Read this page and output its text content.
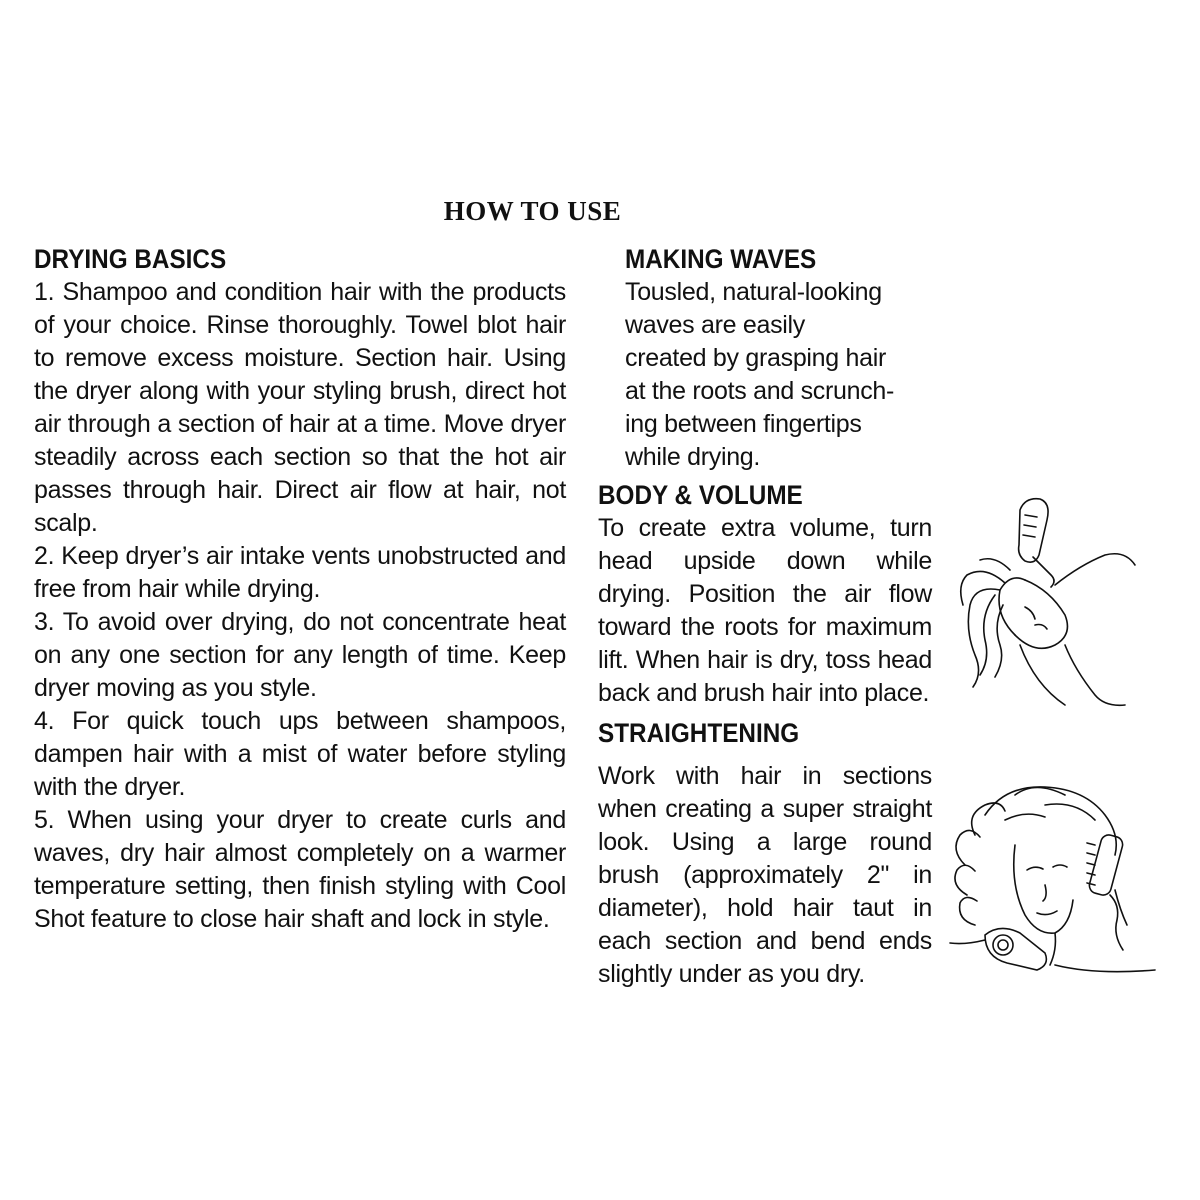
HOW TO USE
DRYING BASICS
1. Shampoo and condition hair with the products of your choice. Rinse thoroughly. Towel blot hair to remove excess moisture. Section hair. Using the dryer along with your styling brush, direct hot air through a section of hair at a time. Move dryer steadily across each section so that the hot air passes through hair. Direct air flow at hair, not scalp.
2. Keep dryer’s air intake vents unobstructed and free from hair while drying.
3. To avoid over drying, do not concentrate heat on any one section for any length of time. Keep dryer moving as you style.
4. For quick touch ups between shampoos, dampen hair with a mist of water before styling with the dryer.
5. When using your dryer to create curls and waves, dry hair almost completely on a warmer temperature setting, then finish styling with Cool Shot feature to close hair shaft and lock in style.
MAKING WAVES
Tousled, natural-looking
waves are easily
created by grasping hair
at the roots and scrunch-
ing between fingertips
while drying.
BODY & VOLUME
To create extra volume, turn head upside down while drying. Position the air flow toward the roots for maximum lift. When hair is dry, toss head back and brush hair into place.
STRAIGHTENING
Work with hair in sections when creating a super straight look. Using a large round brush (approximately 2" in diameter), hold hair taut in each section and bend ends slightly under as you dry.
